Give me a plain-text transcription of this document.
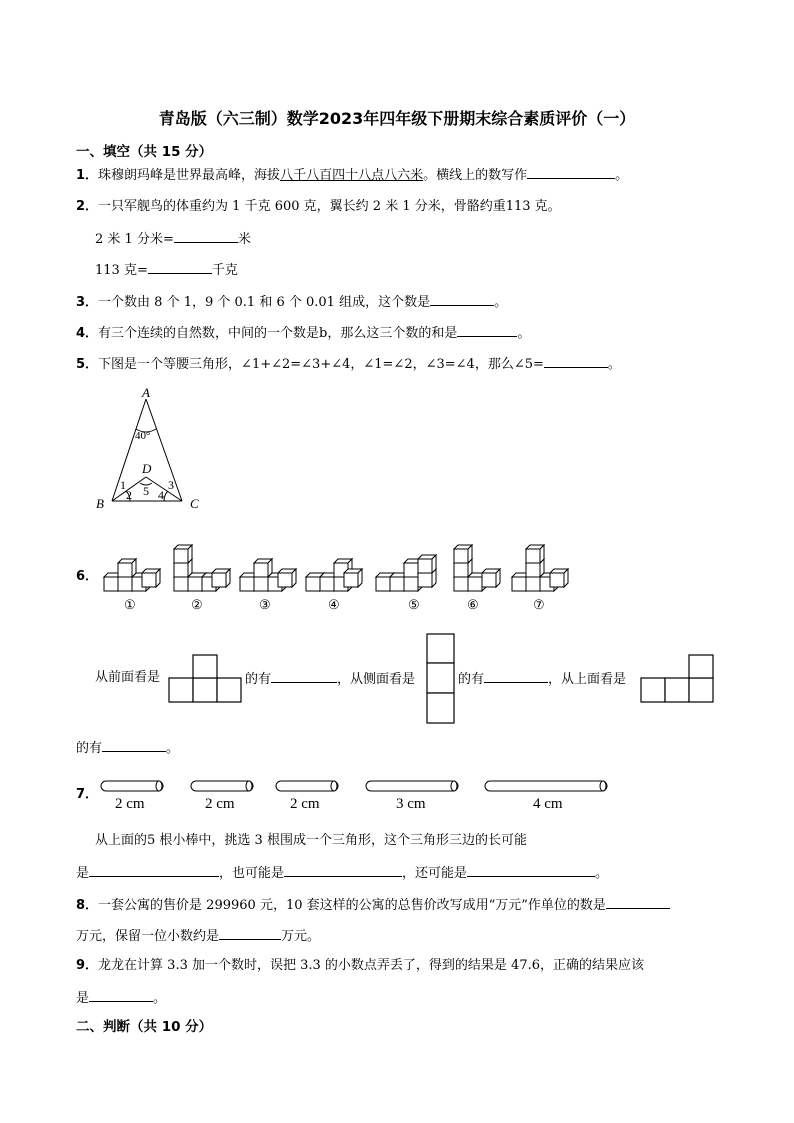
青岛版（六三制）数学2023年四年级下册期末综合素质评价（一）
一、填空（共 15 分）
1．珠穆朗玛峰是世界最高峰，海拔八千八百四十八点八六米。横线上的数写作	。
2．一只军舰鸟的体重约为 1 千克 600 克，翼长约 2 米 1 分米，骨骼约重113 克。
2 米 1 分米=	米
113 克=	千克
3．一个数由 8 个 1，9 个 0.1 和 6 个 0.01 组成，这个数是	。
4．有三个连续的自然数，中间的一个数是b，那么这三个数的和是	。
5．下图是一个等腰三角形，∠1+∠2=∠3+∠4，∠1=∠2，∠3=∠4，那么∠5=	。
A
B	C
D
40°
1
2
3
4
5
6．
①	②	③	④	⑤	⑥	⑦
从前面看是	的有	，从侧面看是	的有	，从上面看是
的有	。
7．
2 cm	2 cm	2 cm	3 cm	4 cm
从上面的5 根小棒中，挑选 3 根围成一个三角形，这个三角形三边的长可能
是	，也可能是	，还可能是	。
8．一套公寓的售价是 299960 元，10 套这样的公寓的总售价改写成用“万元”作单位的数是
万元，保留一位小数约是	万元。
9．龙龙在计算 3.3 加一个数时，误把 3.3 的小数点弄丢了，得到的结果是 47.6，正确的结果应该
是	。
二、判断（共 10 分）
